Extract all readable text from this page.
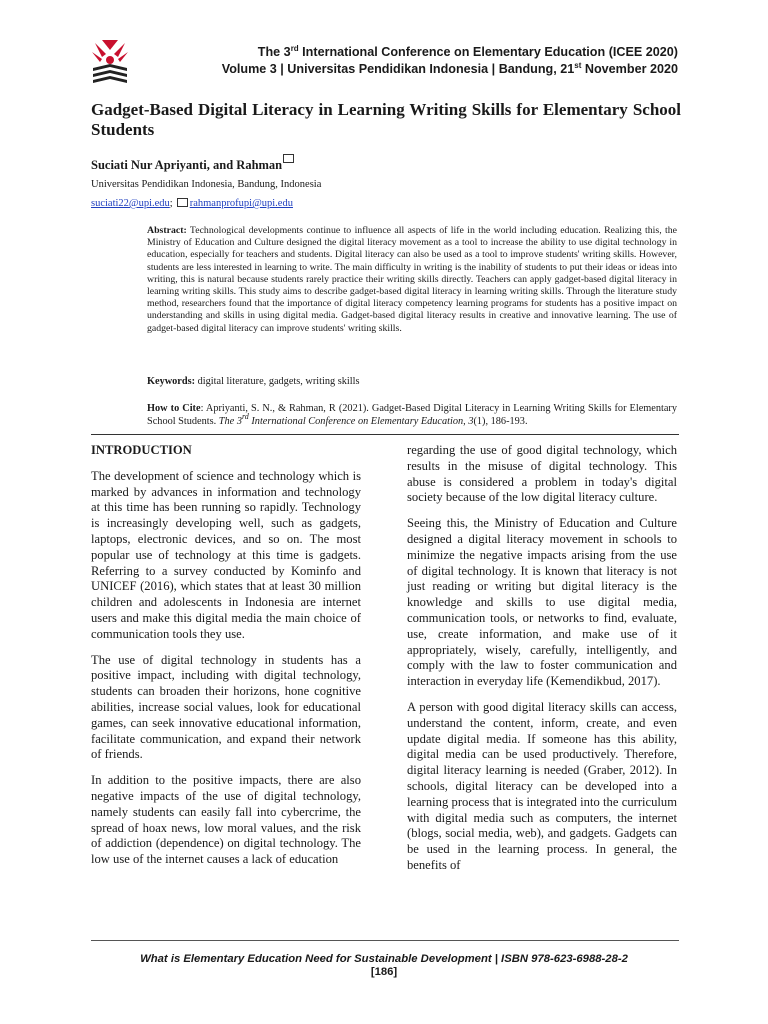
The 3rd International Conference on Elementary Education (ICEE 2020)
Volume 3 | Universitas Pendidikan Indonesia | Bandung, 21st November 2020
Gadget-Based Digital Literacy in Learning Writing Skills for Elementary School Students
Suciati Nur Apriyanti, and Rahman
Universitas Pendidikan Indonesia, Bandung, Indonesia
suciati22@upi.edu; rahmanprofupi@upi.edu

Abstract: Technological developments continue to influence all aspects of life in the world including education. Realizing this, the Ministry of Education and Culture designed the digital literacy movement as a tool to increase the ability to use digital technology in education, especially for teachers and students. Digital literacy can also be used as a tool to improve students' writing skills. However, students are less interested in learning to write. The main difficulty in writing is the inability of students to put their ideas or ideas into writing, this is natural because students rarely practice their writing skills directly. Teachers can apply gadget-based digital literacy in learning writing skills. This study aims to describe gadget-based digital literacy in learning writing skills. Through the literature study method, researchers found that the importance of digital literacy competency learning programs for students has a positive impact on understanding and skills in using digital media. Gadget-based digital literacy results in creative and innovative learning. The use of gadget-based digital literacy can improve students' writing skills.

Keywords: digital literature, gadgets, writing skills

How to Cite: Apriyanti, S. N., & Rahman, R (2021). Gadget-Based Digital Literacy in Learning Writing Skills for Elementary School Students. The 3rd International Conference on Elementary Education, 3(1), 186-193.

INTRODUCTION

The development of science and technology which is marked by advances in information and technology at this time has been running so rapidly. Technology is increasingly developing well, such as gadgets, laptops, electronic devices, and so on. The most popular use of technology at this time is gadgets. Referring to a survey conducted by Kominfo and UNICEF (2016), which states that at least 30 million children and adolescents in Indonesia are internet users and make this digital media the main choice of communication tools they use.

The use of digital technology in students has a positive impact, including with digital technology, students can broaden their horizons, hone cognitive abilities, increase social values, look for educational games, can seek innovative educational information, facilitate communication, and expand their network of friends.

In addition to the positive impacts, there are also negative impacts of the use of digital technology, namely students can easily fall into cybercrime, the spread of hoax news, low moral values, and the risk of addiction (dependence) on digital technology. The low use of the internet causes a lack of education

regarding the use of good digital technology, which results in the misuse of digital technology. This abuse is considered a problem in today's digital society because of the low digital literacy culture.

Seeing this, the Ministry of Education and Culture designed a digital literacy movement in schools to minimize the negative impacts arising from the use of digital technology. It is known that literacy is not just reading or writing but digital literacy is the knowledge and skills to use digital media, communication tools, or networks to find, evaluate, use, create information, and make use of it appropriately, wisely, carefully, intelligently, and comply with the law to foster communication and interaction in everyday life (Kemendikbud, 2017).

A person with good digital literacy skills can access, understand the content, inform, create, and even update digital media. If someone has this ability, digital media can be used productively. Therefore, digital literacy learning is needed (Graber, 2012). In schools, digital literacy can be developed into a learning process that is integrated into the curriculum with digital media such as computers, the internet (blogs, social media, web), and gadgets. Gadgets can be used in the learning process. In general, the benefits of

What is Elementary Education Need for Sustainable Development | ISBN 978-623-6988-28-2
[186]
